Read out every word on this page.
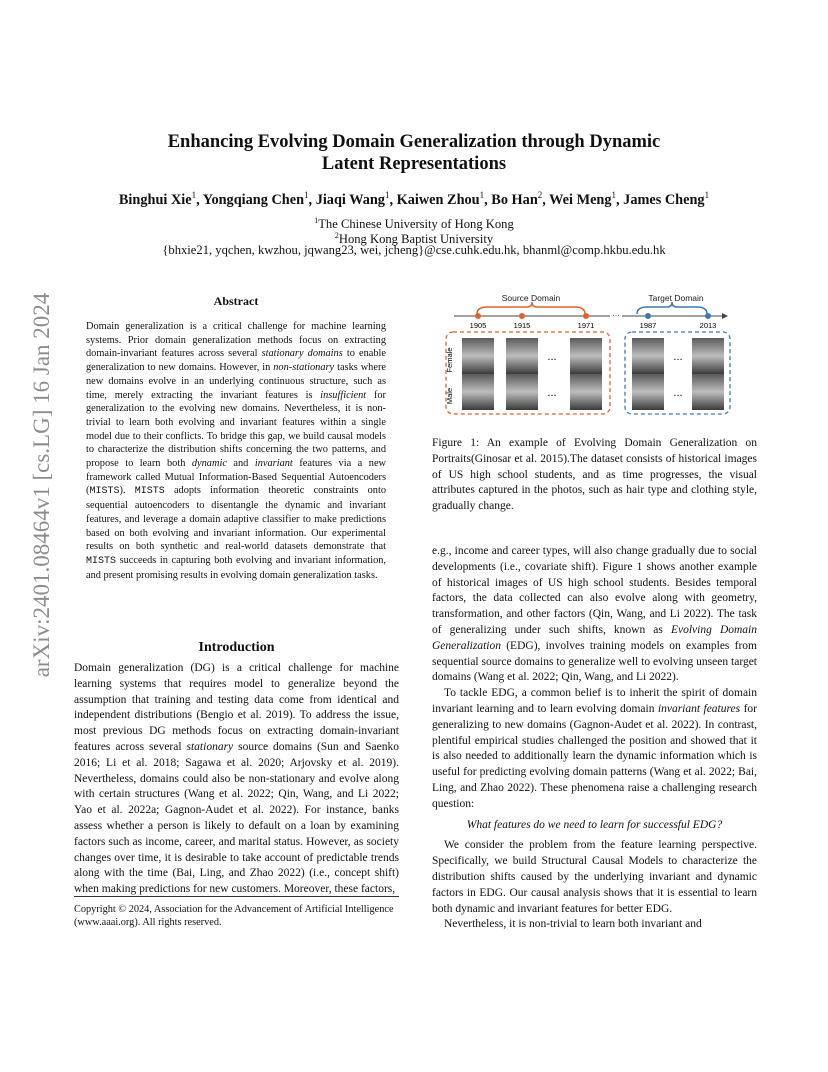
arXiv:2401.08464v1 [cs.LG] 16 Jan 2024
Enhancing Evolving Domain Generalization through Dynamic
Latent Representations
Binghui Xie$^1$, Yongqiang Chen$^1$, Jiaqi Wang$^1$, Kaiwen Zhou$^1$, Bo Han$^2$, Wei Meng$^1$, James Cheng$^1$
$^1$The Chinese University of Hong Kong
$^2$Hong Kong Baptist University
{bhxie21, yqchen, kwzhou, jqwang23, wei, jcheng}@cse.cuhk.edu.hk, bhanml@comp.hkbu.edu.hk
Abstract

Domain generalization is a critical challenge for machine learning systems. Prior domain generalization methods focus on extracting domain-invariant features across several stationary domains to enable generalization to new domains. However, in non-stationary tasks where new domains evolve in an underlying continuous structure, such as time, merely extracting the invariant features is insufficient for generalization to the evolving new domains. Nevertheless, it is non-trivial to learn both evolving and invariant features within a single model due to their conflicts. To bridge this gap, we build causal models to characterize the distribution shifts concerning the two patterns, and propose to learn both dynamic and invariant features via a new framework called Mutual Information-Based Sequential Autoencoders (MISTS). MISTS adopts information theoretic constraints onto sequential autoencoders to disentangle the dynamic and invariant features, and leverage a domain adaptive classifier to make predictions based on both evolving and invariant information. Our experimental results on both synthetic and real-world datasets demonstrate that MISTS succeeds in capturing both evolving and invariant information, and present promising results in evolving domain generalization tasks.

Introduction

Domain generalization (DG) is a critical challenge for machine learning systems that requires model to generalize beyond the assumption that training and testing data come from identical and independent distributions (Bengio et al. 2019). To address the issue, most previous DG methods focus on extracting domain-invariant features across several stationary source domains (Sun and Saenko 2016; Li et al. 2018; Sagawa et al. 2020; Arjovsky et al. 2019). Nevertheless, domains could also be non-stationary and evolve along with certain structures (Wang et al. 2022; Qin, Wang, and Li 2022; Yao et al. 2022a; Gagnon-Audet et al. 2022). For instance, banks assess whether a person is likely to default on a loan by examining factors such as income, career, and marital status. However, as society changes over time, it is desirable to take account of predictable trends along with the time (Bai, Ling, and Zhao 2022) (i.e., concept shift) when making predictions for new customers. Moreover, these factors,

Copyright © 2024, Association for the Advancement of Artificial Intelligence (www.aaai.org). All rights reserved.
Source Domain	Target Domain
⋯
1905	1915	1971	1987	2013
Female
Male
...	...
...	...
Figure 1: An example of Evolving Domain Generalization on Portraits(Ginosar et al. 2015).The dataset consists of historical images of US high school students, and as time progresses, the visual attributes captured in the photos, such as hair type and clothing style, gradually change.

e.g., income and career types, will also change gradually due to social developments (i.e., covariate shift). Figure 1 shows another example of historical images of US high school students. Besides temporal factors, the data collected can also evolve along with geometry, transformation, and other factors (Qin, Wang, and Li 2022). The task of generalizing under such shifts, known as Evolving Domain Generalization (EDG), involves training models on examples from sequential source domains to generalize well to evolving unseen target domains (Wang et al. 2022; Qin, Wang, and Li 2022).

To tackle EDG, a common belief is to inherit the spirit of domain invariant learning and to learn evolving domain invariant features for generalizing to new domains (Gagnon-Audet et al. 2022). In contrast, plentiful empirical studies challenged the position and showed that it is also needed to additionally learn the dynamic information which is useful for predicting evolving domain patterns (Wang et al. 2022; Bai, Ling, and Zhao 2022). These phenomena raise a challenging research question:

What features do we need to learn for successful EDG?

We consider the problem from the feature learning perspective. Specifically, we build Structural Causal Models to characterize the distribution shifts caused by the underlying invariant and dynamic factors in EDG. Our causal analysis shows that it is essential to learn both dynamic and invariant features for better EDG.

Nevertheless, it is non-trivial to learn both invariant and
